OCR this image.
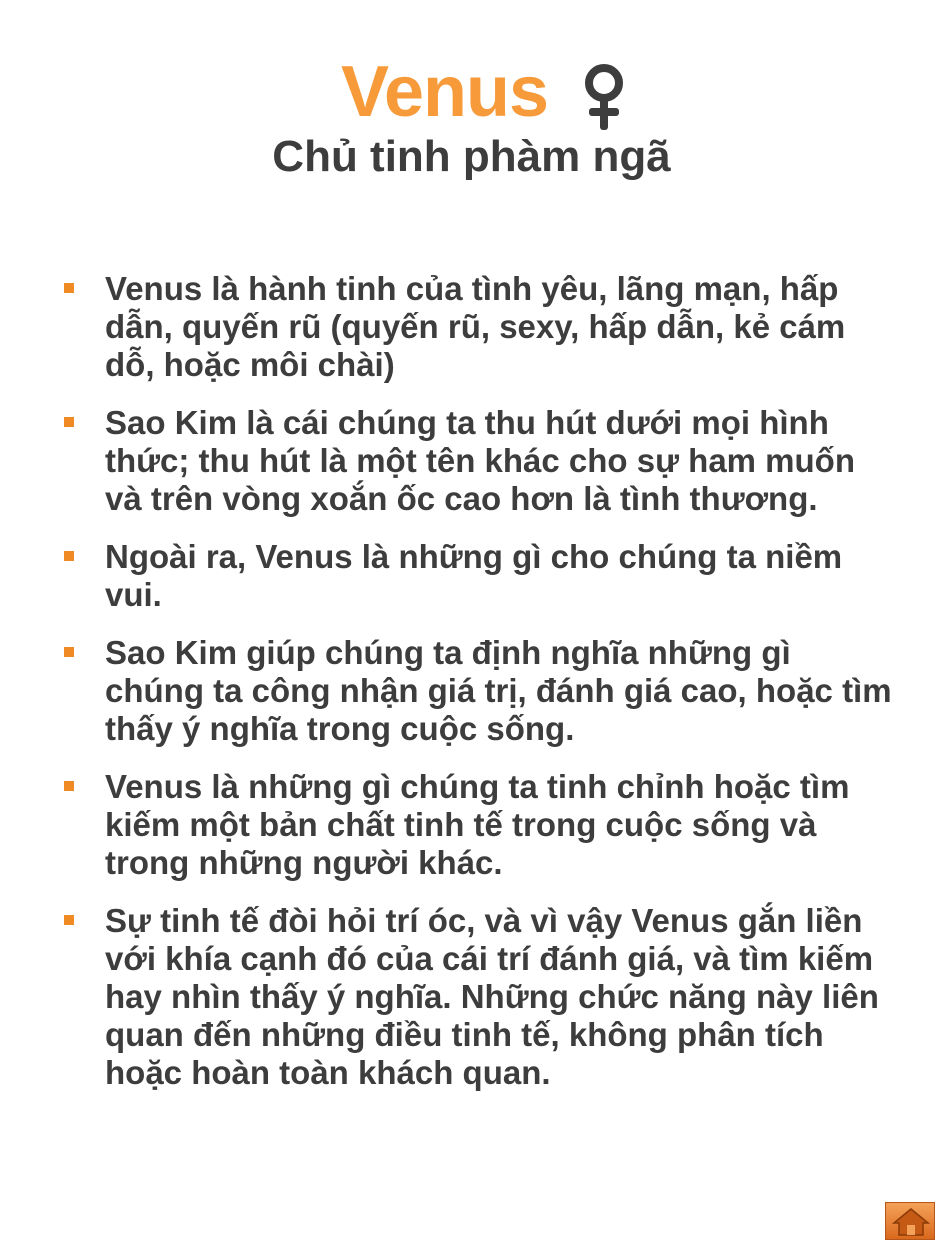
Venus
Chủ tinh phàm ngã
Venus là hành tinh của tình yêu, lãng mạn, hấp dẫn, quyến rũ (quyến rũ, sexy, hấp dẫn, kẻ cám dỗ, hoặc môi chài)
Sao Kim là cái chúng ta thu hút dưới mọi hình thức; thu hút là một tên khác cho sự ham muốn và trên vòng xoắn ốc cao hơn là tình thương.
Ngoài ra, Venus là những gì cho chúng ta niềm vui.
Sao Kim giúp chúng ta định nghĩa những gì chúng ta công nhận giá trị, đánh giá cao, hoặc tìm thấy ý nghĩa trong cuộc sống.
Venus là những gì chúng ta tinh chỉnh hoặc tìm kiếm một bản chất tinh tế trong cuộc sống và trong những người khác.
Sự tinh tế đòi hỏi trí óc, và vì vậy Venus gắn liền với khía cạnh đó của cái trí đánh giá, và tìm kiếm hay nhìn thấy ý nghĩa. Những chức năng này liên quan đến những điều tinh tế, không phân tích hoặc hoàn toàn khách quan.
